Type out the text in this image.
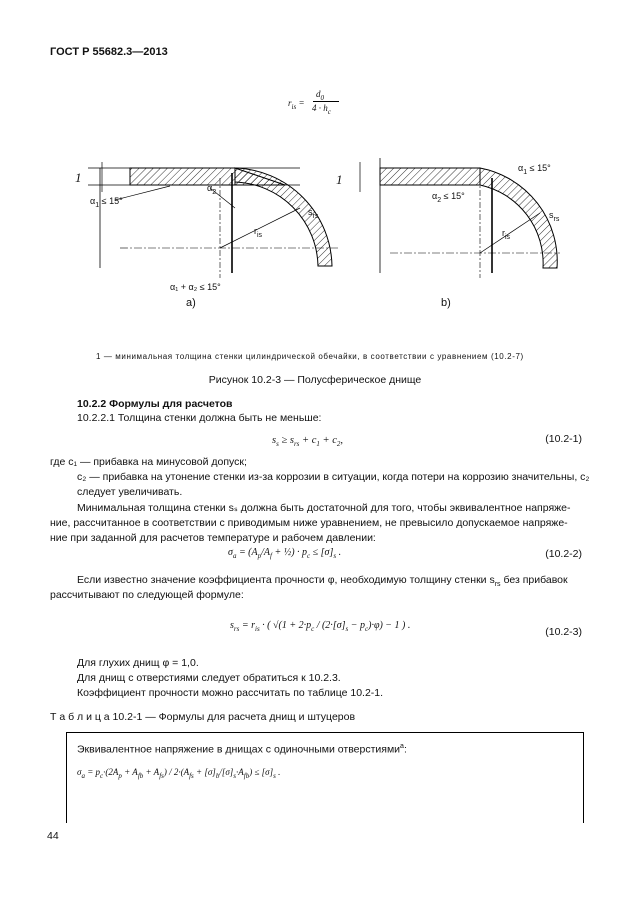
ГОСТ Р 55682.3—2013
$r_{is}$ =
$d_0$
$4 \cdot h_c$
1
$\alpha_1 \le 15^\circ$
$\alpha_2$
$r_{is}$
$s_{rs}$
α₁ + α₂ ≤ 15°
a)
1
$\alpha_1 \le 15^\circ$
$\alpha_2 \le 15^\circ$
$r_{is}$
$s_{rs}$
b)
1 — минимальная толщина стенки цилиндрической обечайки, в соответствии с уравнением (10.2-7)
Рисунок 10.2-3 — Полусферическое днище
10.2.2 Формулы для расчетов
10.2.2.1 Толщина стенки должна быть не меньше:
$s_s \ge s_{rs} + c_1 + c_2$,	(10.2-1)
где c₁ — прибавка на минусовой допуск;
c₂ — прибавка на утонение стенки из-за коррозии в ситуации, когда потери на коррозию значительны, c₂
следует увеличивать.
Минимальная толщина стенки sₛ должна быть достаточной для того, чтобы эквивалентное напряже-
ние, рассчитанное в соответствии с приводимым ниже уравнением, не превысило допускаемое напряже-
ние при заданной для расчетов температуре и рабочем давлении:
$\sigma_a = (A_p/A_f$ + ½) · $p_c \le [\sigma]_s$ .	(10.2-2)
Если известно значение коэффициента прочности φ, необходимую толщину стенки $s_{rs}$ без прибавок
рассчитывают по следующей формуле:
$s_{rs} = r_{is}$ · ( $√(1 + 2\cdot p_c / (2\cdot[\sigma]_s - p_c)\cdot\varphi) - 1$ ) .
(10.2-3)
Для глухих днищ φ = 1,0.
Для днищ с отверстиями следует обратиться к 10.2.3.
Коэффициент прочности можно рассчитать по таблице 10.2-1.
Т а б л и ц а 10.2-1 — Формулы для расчета днищ и штуцеров
Эквивалентное напряжение в днищах с одиночными отверстиями$^a$:
$\sigma_a = p_c\cdot(2A_p + A_{fb} + A_{fs}) / 2\cdot(A_{fs} + [\sigma]_b/[\sigma]_s\cdot A_{fb}) \le [\sigma]_s$ .
44
